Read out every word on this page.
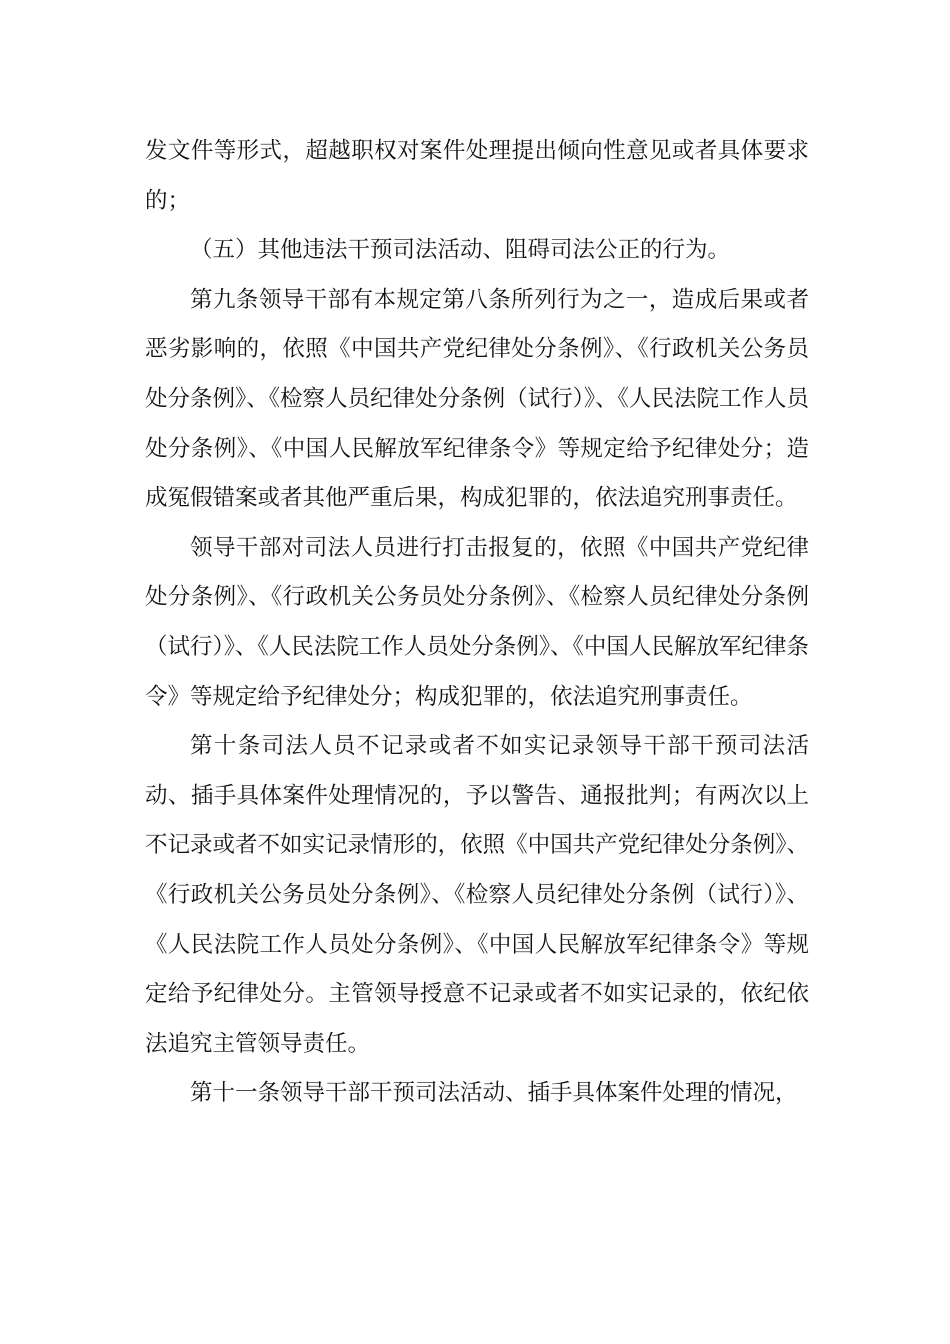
发文件等形式，超越职权对案件处理提出倾向性意见或者具体要求的；

（五）其他违法干预司法活动、阻碍司法公正的行为。

第九条领导干部有本规定第八条所列行为之一，造成后果或者恶劣影响的，依照《中国共产党纪律处分条例》、《行政机关公务员处分条例》、《检察人员纪律处分条例（试行）》、《人民法院工作人员处分条例》、《中国人民解放军纪律条令》等规定给予纪律处分；造成冤假错案或者其他严重后果，构成犯罪的，依法追究刑事责任。

领导干部对司法人员进行打击报复的，依照《中国共产党纪律处分条例》、《行政机关公务员处分条例》、《检察人员纪律处分条例（试行）》、《人民法院工作人员处分条例》、《中国人民解放军纪律条令》等规定给予纪律处分；构成犯罪的，依法追究刑事责任。

第十条司法人员不记录或者不如实记录领导干部干预司法活动、插手具体案件处理情况的，予以警告、通报批判；有两次以上不记录或者不如实记录情形的，依照《中国共产党纪律处分条例》、《行政机关公务员处分条例》、《检察人员纪律处分条例（试行）》、《人民法院工作人员处分条例》、《中国人民解放军纪律条令》等规定给予纪律处分。主管领导授意不记录或者不如实记录的，依纪依法追究主管领导责任。

第十一条领导干部干预司法活动、插手具体案件处理的情况，
